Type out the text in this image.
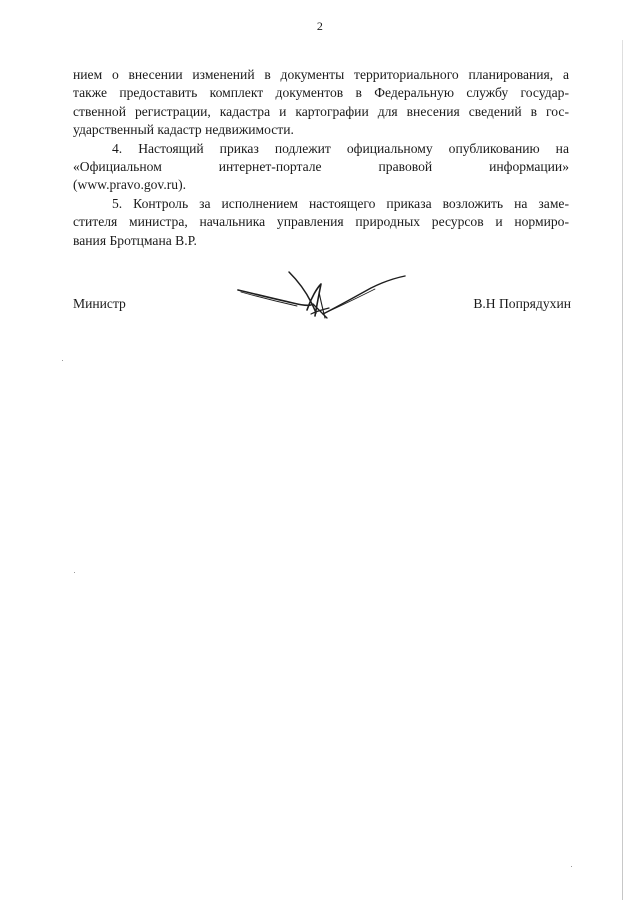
2

нием о внесении изменений в документы территориального планирования, а
также предоставить комплект документов в Федеральную службу государ-
ственной регистрации, кадастра и картографии для внесения сведений в гос-
ударственный кадастр недвижимости.

4. Настоящий приказ подлежит официальному опубликованию на
«Официальном интернет-портале правовой информации»
(www.pravo.gov.ru).

5. Контроль за исполнением настоящего приказа возложить на заме-
стителя министра, начальника управления природных ресурсов и нормиро-
вания Бротцмана В.Р.

Министр	В.Н Попрядухин
